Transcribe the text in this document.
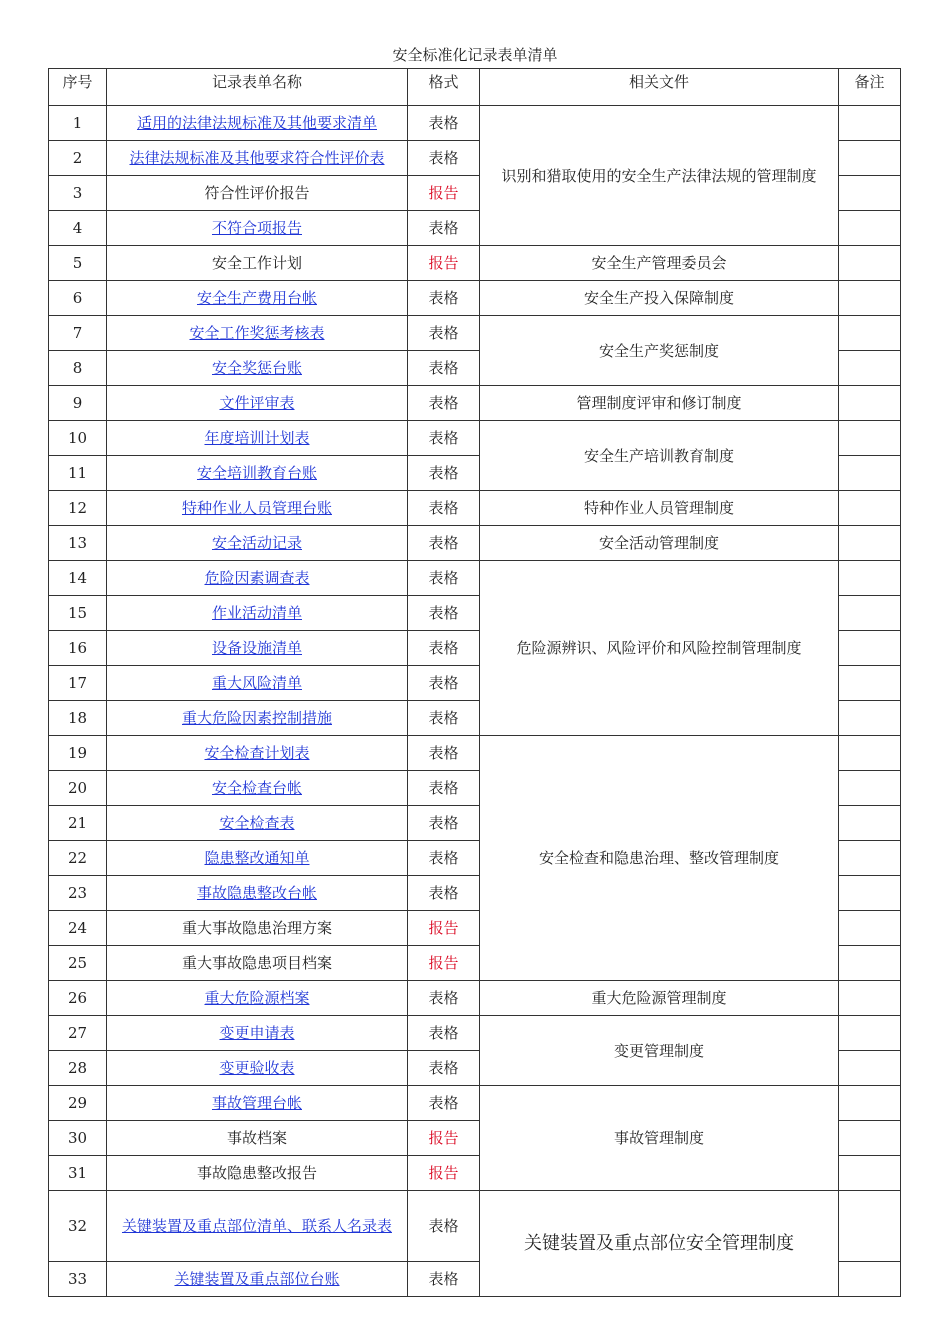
安全标准化记录表单清单
序号	记录表单名称	格式	相关文件	备注
1	适用的法律法规标准及其他要求清单	表格	识别和猎取使用的安全生产法律法规的管理制度	
2	法律法规标准及其他要求符合性评价表	表格		
3	符合性评价报告	报告		
4	不符合项报告	表格		
5	安全工作计划	报告	安全生产管理委员会	
6	安全生产费用台帐	表格	安全生产投入保障制度	
7	安全工作奖惩考核表	表格	安全生产奖惩制度	
8	安全奖惩台账	表格		
9	文件评审表	表格	管理制度评审和修订制度	
10	年度培训计划表	表格	安全生产培训教育制度	
11	安全培训教育台账	表格		
12	特种作业人员管理台账	表格	特种作业人员管理制度	
13	安全活动记录	表格	安全活动管理制度	
14	危险因素调查表	表格	危险源辨识、风险评价和风险控制管理制度	
15	作业活动清单	表格		
16	设备设施清单	表格		
17	重大风险清单	表格		
18	重大危险因素控制措施	表格		
19	安全检查计划表	表格	安全检查和隐患治理、整改管理制度	
20	安全检查台帐	表格		
21	安全检查表	表格		
22	隐患整改通知单	表格		
23	事故隐患整改台帐	表格		
24	重大事故隐患治理方案	报告		
25	重大事故隐患项目档案	报告		
26	重大危险源档案	表格	重大危险源管理制度	
27	变更申请表	表格	变更管理制度	
28	变更验收表	表格		
29	事故管理台帐	表格	事故管理制度	
30	事故档案	报告		
31	事故隐患整改报告	报告		
32	关键装置及重点部位清单、联系人名录表	表格	关键装置及重点部位安全管理制度	
33	关键装置及重点部位台账	表格		
